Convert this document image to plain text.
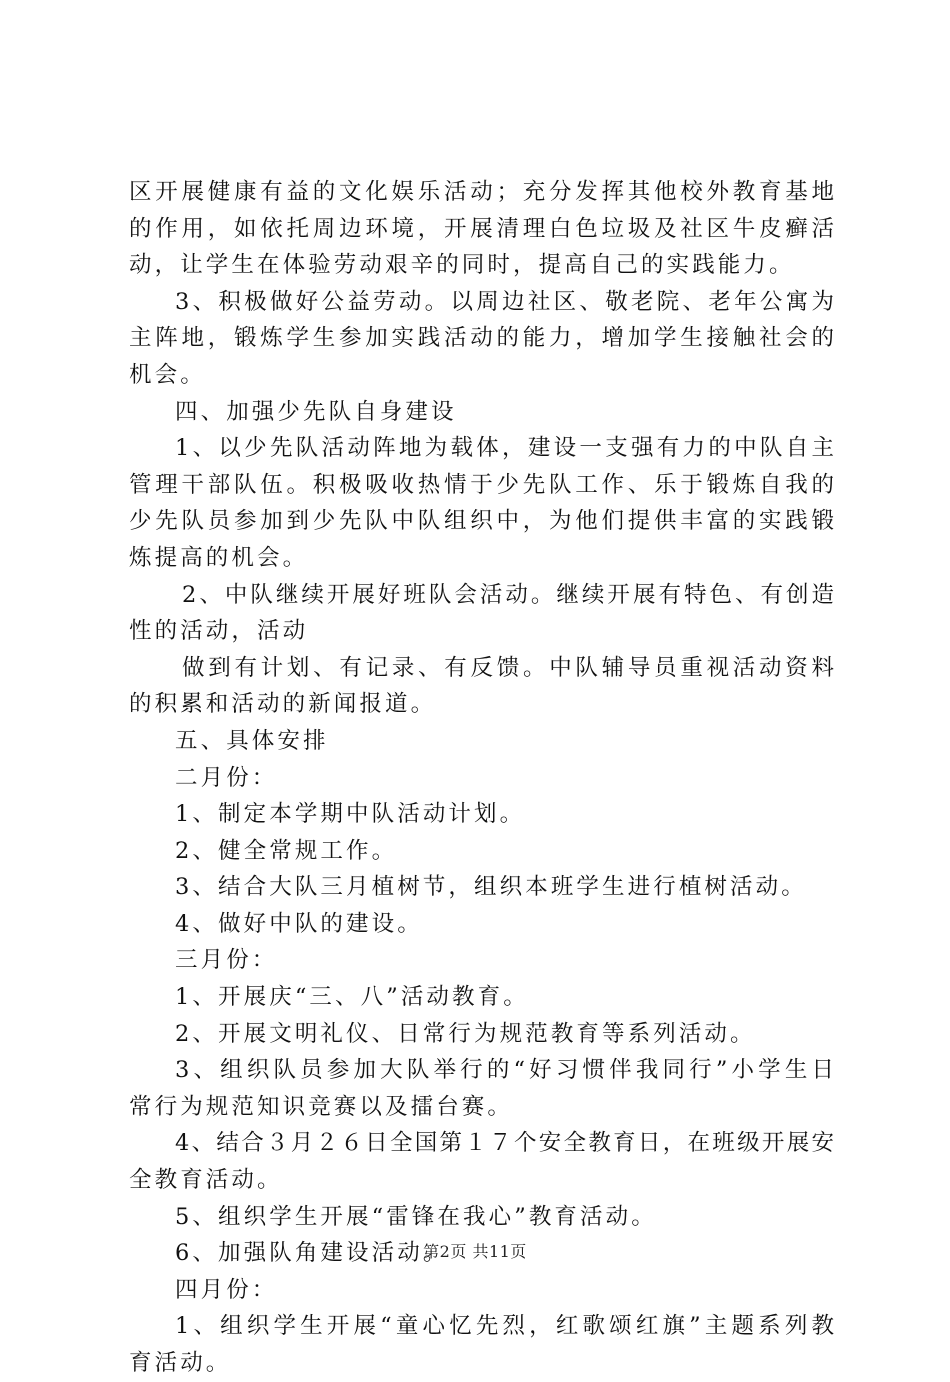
区开展健康有益的文化娱乐活动；充分发挥其他校外教育基地
的作用，如依托周边环境，开展清理白色垃圾及社区牛皮癣活
动，让学生在体验劳动艰辛的同时，提高自己的实践能力。
3、积极做好公益劳动。以周边社区、敬老院、老年公寓为
主阵地，锻炼学生参加实践活动的能力，增加学生接触社会的
机会。
四、加强少先队自身建设
1、以少先队活动阵地为载体，建设一支强有力的中队自主
管理干部队伍。积极吸收热情于少先队工作、乐于锻炼自我的
少先队员参加到少先队中队组织中，为他们提供丰富的实践锻
炼提高的机会。
2、中队继续开展好班队会活动。继续开展有特色、有创造
性的活动，活动
做到有计划、有记录、有反馈。中队辅导员重视活动资料
的积累和活动的新闻报道。
五、具体安排
二月份：
1、制定本学期中队活动计划。
2、健全常规工作。
3、结合大队三月植树节，组织本班学生进行植树活动。
4、做好中队的建设。
三月份：
1、开展庆“三、八”活动教育。
2、开展文明礼仪、日常行为规范教育等系列活动。
3、组织队员参加大队举行的“好习惯伴我同行”小学生日
常行为规范知识竞赛以及擂台赛。
4、结合３月２６日全国第１７个安全教育日，在班级开展安
全教育活动。
5、组织学生开展“雷锋在我心”教育活动。
6、加强队角建设活动。
四月份：
1、组织学生开展“童心忆先烈，红歌颂红旗”主题系列教
育活动。
第2页 共11页
